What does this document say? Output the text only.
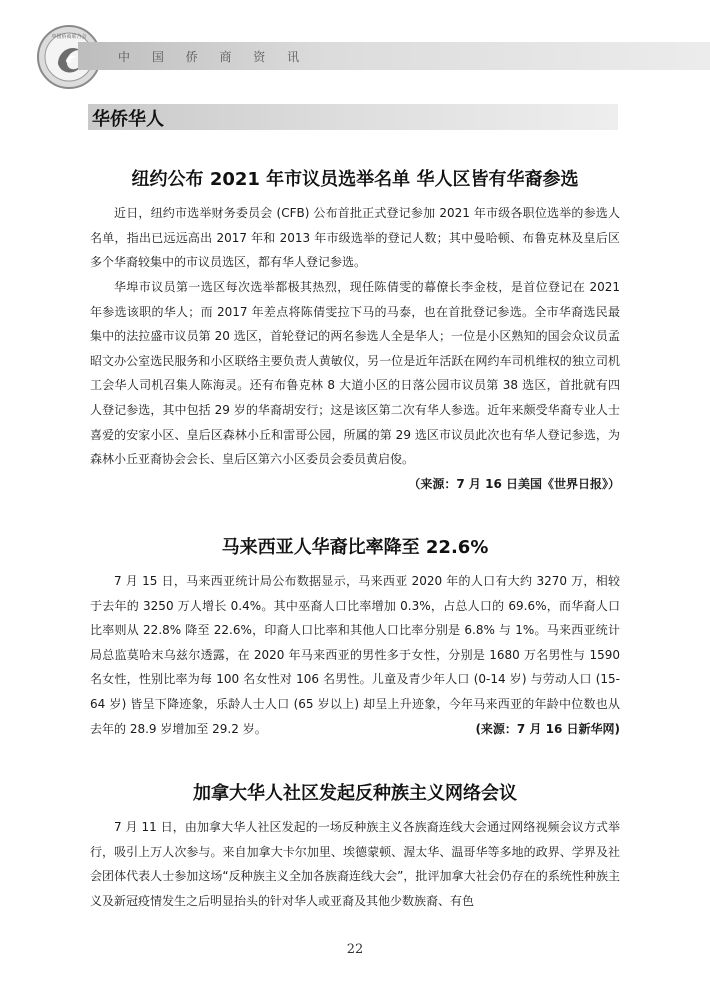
中国侨商联合会
中 国 侨 商 资 讯
华侨华人
纽约公布 2021 年市议员选举名单 华人区皆有华裔参选

近日，纽约市选举财务委员会 (CFB) 公布首批正式登记参加 2021 年市级各职位选举的参选人名单，指出已远远高出 2017 年和 2013 年市级选举的登记人数；其中曼哈顿、布鲁克林及皇后区多个华裔较集中的市议员选区，都有华人登记参选。

华埠市议员第一选区每次选举都极其热烈，现任陈倩雯的幕僚长李金枝，是首位登记在 2021 年参选该职的华人；而 2017 年差点将陈倩雯拉下马的马泰，也在首批登记参选。全市华裔选民最集中的法拉盛市议员第 20 选区，首轮登记的两名参选人全是华人；一位是小区熟知的国会众议员孟昭文办公室选民服务和小区联络主要负责人黄敏仪，另一位是近年活跃在网约车司机维权的独立司机工会华人司机召集人陈海灵。还有布鲁克林 8 大道小区的日落公园市议员第 38 选区，首批就有四人登记参选，其中包括 29 岁的华裔胡安行；这是该区第二次有华人参选。近年来颇受华裔专业人士喜爱的安家小区、皇后区森林小丘和雷哥公园，所属的第 29 选区市议员此次也有华人登记参选，为森林小丘亚裔协会会长、皇后区第六小区委员会委员黄启俊。
（来源：7 月 16 日美国《世界日报》）

马来西亚人华裔比率降至 22.6%

7 月 15 日，马来西亚统计局公布数据显示，马来西亚 2020 年的人口有大约 3270 万，相较于去年的 3250 万人增长 0.4%。其中巫裔人口比率增加 0.3%，占总人口的 69.6%，而华裔人口比率则从 22.8% 降至 22.6%，印裔人口比率和其他人口比率分别是 6.8% 与 1%。马来西亚统计局总监莫哈末乌兹尔透露，在 2020 年马来西亚的男性多于女性，分别是 1680 万名男性与 1590 名女性，性别比率为每 100 名女性对 106 名男性。儿童及青少年人口 (0-14 岁) 与劳动人口 (15-64 岁) 皆呈下降迹象，乐龄人士人口 (65 岁以上) 却呈上升迹象，今年马来西亚的年龄中位数也从去年的 28.9 岁增加至 29.2 岁。	(来源：7 月 16 日新华网)

加拿大华人社区发起反种族主义网络会议

7 月 11 日，由加拿大华人社区发起的一场反种族主义各族裔连线大会通过网络视频会议方式举行，吸引上万人次参与。来自加拿大卡尔加里、埃德蒙顿、渥太华、温哥华等多地的政界、学界及社会团体代表人士参加这场“反种族主义全加各族裔连线大会”，批评加拿大社会仍存在的系统性种族主义及新冠疫情发生之后明显抬头的针对华人或亚裔及其他少数族裔、有色

22
